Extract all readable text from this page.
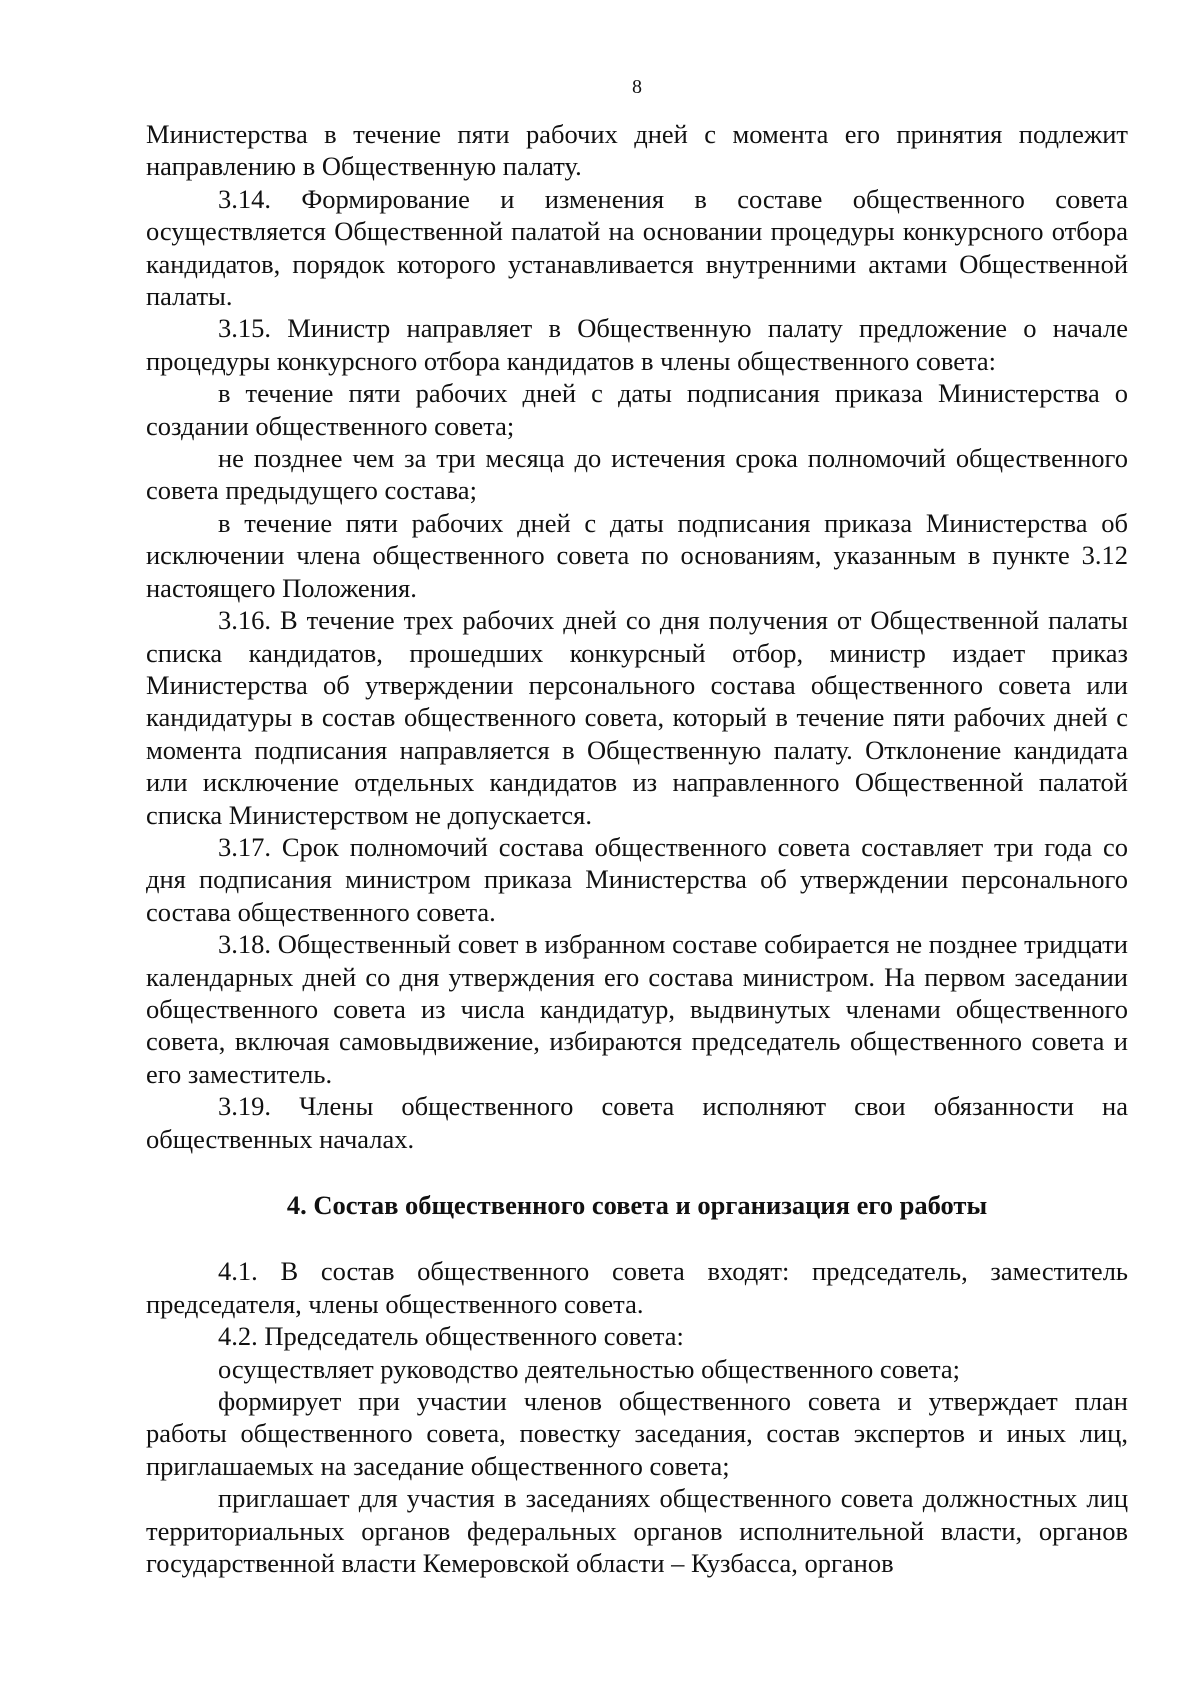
8

Министерства в течение пяти рабочих дней с момента его принятия подлежит направлению в Общественную палату.

3.14. Формирование и изменения в составе общественного совета осуществляется Общественной палатой на основании процедуры конкурсного отбора кандидатов, порядок которого устанавливается внутренними актами Общественной палаты.

3.15. Министр направляет в Общественную палату предложение о начале процедуры конкурсного отбора кандидатов в члены общественного совета:

в течение пяти рабочих дней с даты подписания приказа Министерства о создании общественного совета;

не позднее чем за три месяца до истечения срока полномочий общественного совета предыдущего состава;

в течение пяти рабочих дней с даты подписания приказа Министерства об исключении члена общественного совета по основаниям, указанным в пункте 3.12 настоящего Положения.

3.16. В течение трех рабочих дней со дня получения от Общественной палаты списка кандидатов, прошедших конкурсный отбор, министр издает приказ Министерства об утверждении персонального состава общественного совета или кандидатуры в состав общественного совета, который в течение пяти рабочих дней с момента подписания направляется в Общественную палату. Отклонение кандидата или исключение отдельных кандидатов из направленного Общественной палатой списка Министерством не допускается.

3.17. Срок полномочий состава общественного совета составляет три года со дня подписания министром приказа Министерства об утверждении персонального состава общественного совета.

3.18. Общественный совет в избранном составе собирается не позднее тридцати календарных дней со дня утверждения его состава министром. На первом заседании общественного совета из числа кандидатур, выдвинутых членами общественного совета, включая самовыдвижение, избираются председатель общественного совета и его заместитель.

3.19. Члены общественного совета исполняют свои обязанности на общественных началах.

4. Состав общественного совета и организация его работы

4.1. В состав общественного совета входят: председатель, заместитель председателя, члены общественного совета.

4.2. Председатель общественного совета:

осуществляет руководство деятельностью общественного совета;

формирует при участии членов общественного совета и утверждает план работы общественного совета, повестку заседания, состав экспертов и иных лиц, приглашаемых на заседание общественного совета;

приглашает для участия в заседаниях общественного совета должностных лиц территориальных органов федеральных органов исполнительной власти, органов государственной власти Кемеровской области – Кузбасса, органов
